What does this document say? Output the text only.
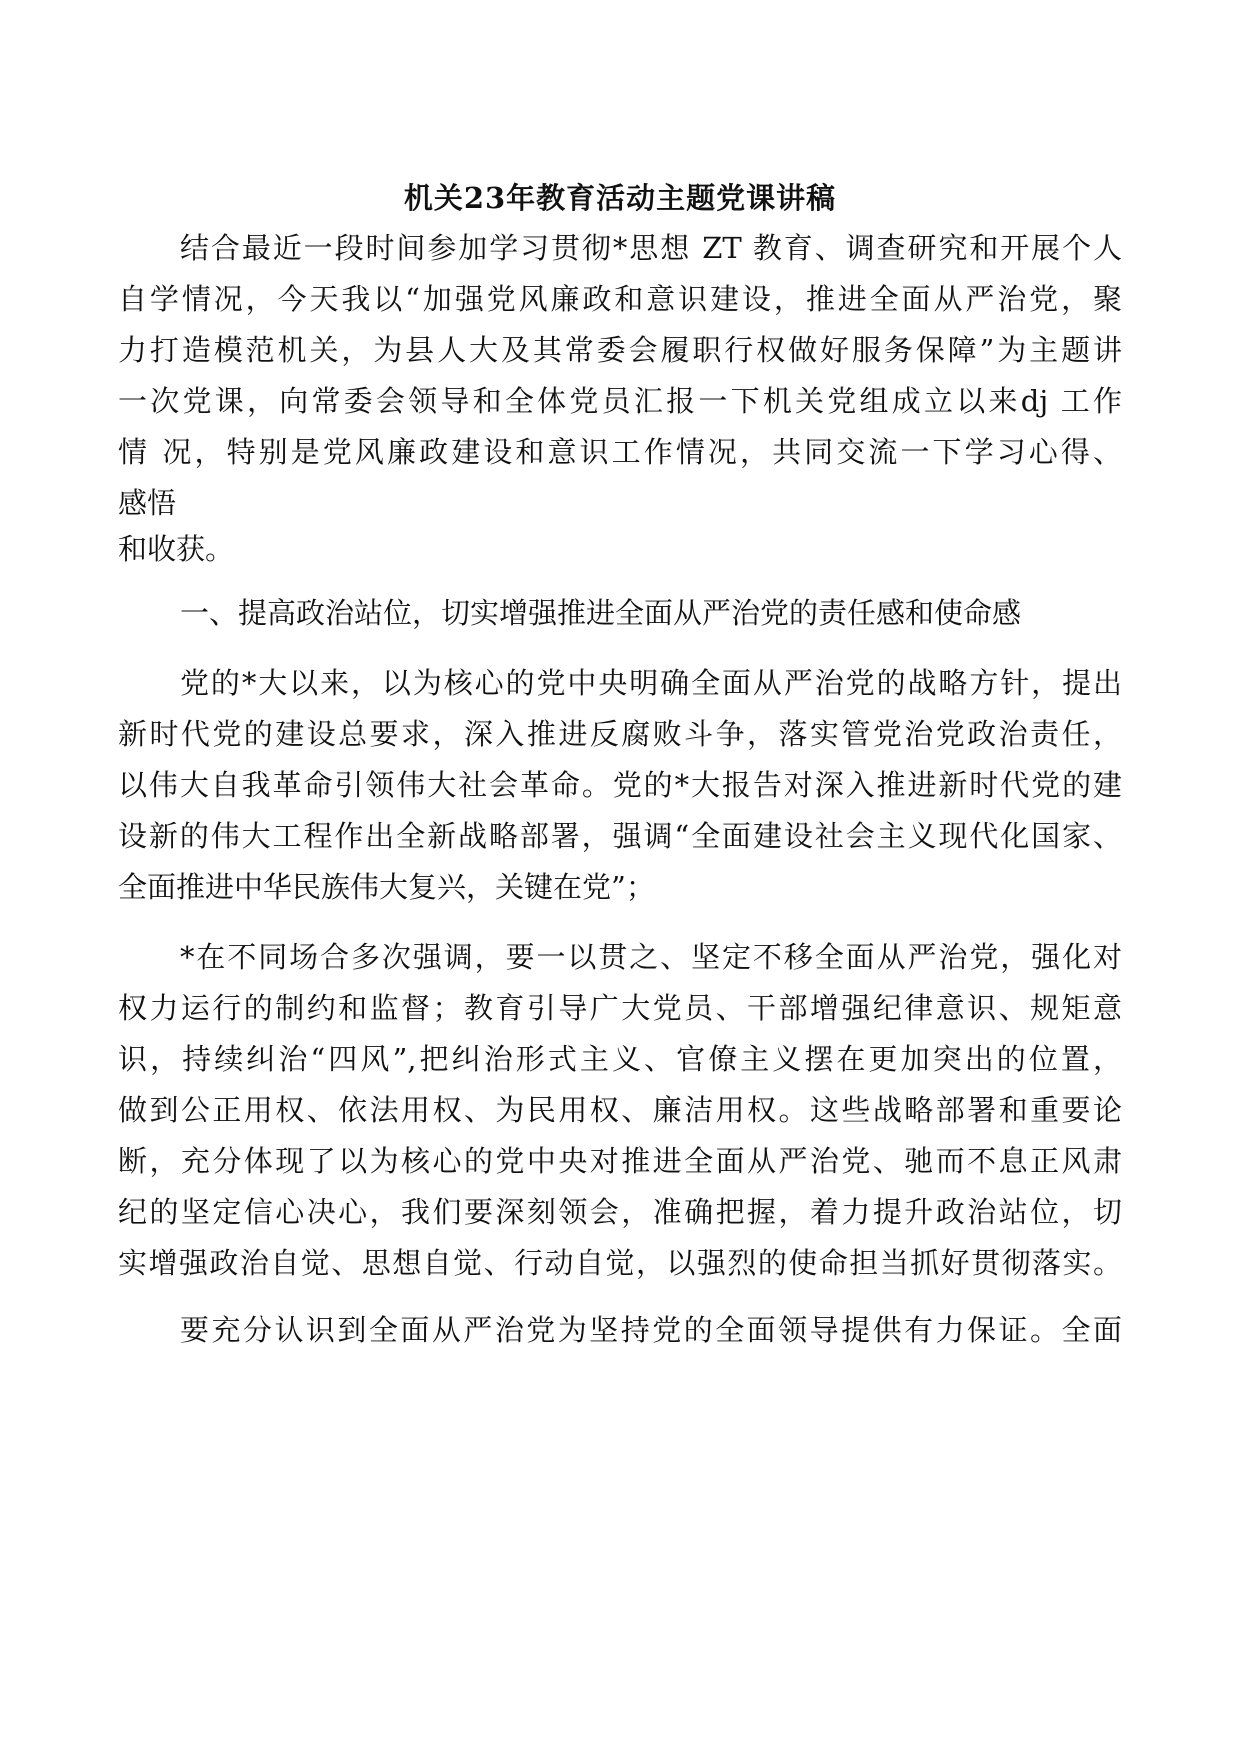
机关23年教育活动主题党课讲稿
结合最近一段时间参加学习贯彻*思想 ZT 教育、调查研究和开展个人
自学情况，今天我以“加强党风廉政和意识建设，推进全面从严治党，聚
力打造模范机关，为县人大及其常委会履职行权做好服务保障”为主题讲
一次党课，向常委会领导和全体党员汇报一下机关党组成立以来dj 工作
情 况，特别是党风廉政建设和意识工作情况，共同交流一下学习心得、
感悟
和收获。
一、提高政治站位，切实增强推进全面从严治党的责任感和使命感
党的*大以来，以为核心的党中央明确全面从严治党的战略方针，提出
新时代党的建设总要求，深入推进反腐败斗争，落实管党治党政治责任，
以伟大自我革命引领伟大社会革命。党的*大报告对深入推进新时代党的建
设新的伟大工程作出全新战略部署，强调“全面建设社会主义现代化国家、
全面推进中华民族伟大复兴，关键在党”；
*在不同场合多次强调，要一以贯之、坚定不移全面从严治党，强化对
权力运行的制约和监督；教育引导广大党员、干部增强纪律意识、规矩意
识，持续纠治“四风”,把纠治形式主义、官僚主义摆在更加突出的位置，
做到公正用权、依法用权、为民用权、廉洁用权。这些战略部署和重要论
断，充分体现了以为核心的党中央对推进全面从严治党、驰而不息正风肃
纪的坚定信心决心，我们要深刻领会，准确把握，着力提升政治站位，切
实增强政治自觉、思想自觉、行动自觉，以强烈的使命担当抓好贯彻落实。
要充分认识到全面从严治党为坚持党的全面领导提供有力保证。全面
